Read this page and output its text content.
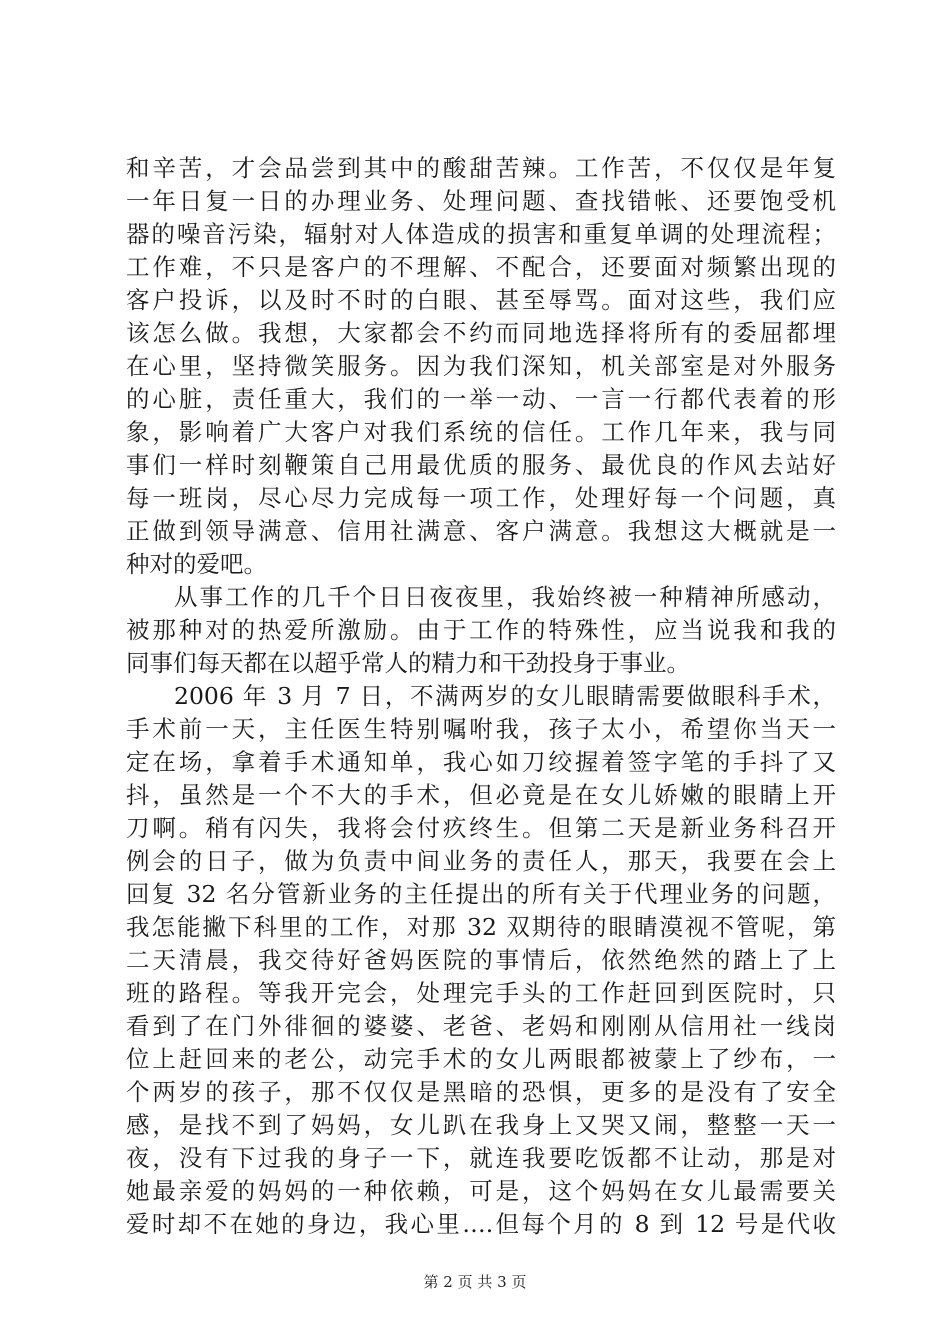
和辛苦，才会品尝到其中的酸甜苦辣。工作苦，不仅仅是年复
一年日复一日的办理业务、处理问题、查找错帐、还要饱受机
器的噪音污染，辐射对人体造成的损害和重复单调的处理流程；
工作难，不只是客户的不理解、不配合，还要面对频繁出现的
客户投诉，以及时不时的白眼、甚至辱骂。面对这些，我们应
该怎么做。我想，大家都会不约而同地选择将所有的委屈都埋
在心里，坚持微笑服务。因为我们深知，机关部室是对外服务
的心脏，责任重大，我们的一举一动、一言一行都代表着的形
象，影响着广大客户对我们系统的信任。工作几年来，我与同
事们一样时刻鞭策自己用最优质的服务、最优良的作风去站好
每一班岗，尽心尽力完成每一项工作，处理好每一个问题，真
正做到领导满意、信用社满意、客户满意。我想这大概就是一
种对的爱吧。
从事工作的几千个日日夜夜里，我始终被一种精神所感动，
被那种对的热爱所激励。由于工作的特殊性，应当说我和我的
同事们每天都在以超乎常人的精力和干劲投身于事业。
2006 年 3 月 7 日，不满两岁的女儿眼睛需要做眼科手术，
手术前一天，主任医生特别嘱咐我，孩子太小，希望你当天一
定在场，拿着手术通知单，我心如刀绞握着签字笔的手抖了又
抖，虽然是一个不大的手术，但必竟是在女儿娇嫩的眼睛上开
刀啊。稍有闪失，我将会付疚终生。但第二天是新业务科召开
例会的日子，做为负责中间业务的责任人，那天，我要在会上
回复 32 名分管新业务的主任提出的所有关于代理业务的问题，
我怎能撇下科里的工作，对那 32 双期待的眼睛漠视不管呢，第
二天清晨，我交待好爸妈医院的事情后，依然绝然的踏上了上
班的路程。等我开完会，处理完手头的工作赶回到医院时，只
看到了在门外徘徊的婆婆、老爸、老妈和刚刚从信用社一线岗
位上赶回来的老公，动完手术的女儿两眼都被蒙上了纱布，一
个两岁的孩子，那不仅仅是黑暗的恐惧，更多的是没有了安全
感，是找不到了妈妈，女儿趴在我身上又哭又闹，整整一天一
夜，没有下过我的身子一下，就连我要吃饭都不让动，那是对
她最亲爱的妈妈的一种依赖，可是，这个妈妈在女儿最需要关
爱时却不在她的身边，我心里….但每个月的 8 到 12 号是代收
第 2 页 共 3 页
